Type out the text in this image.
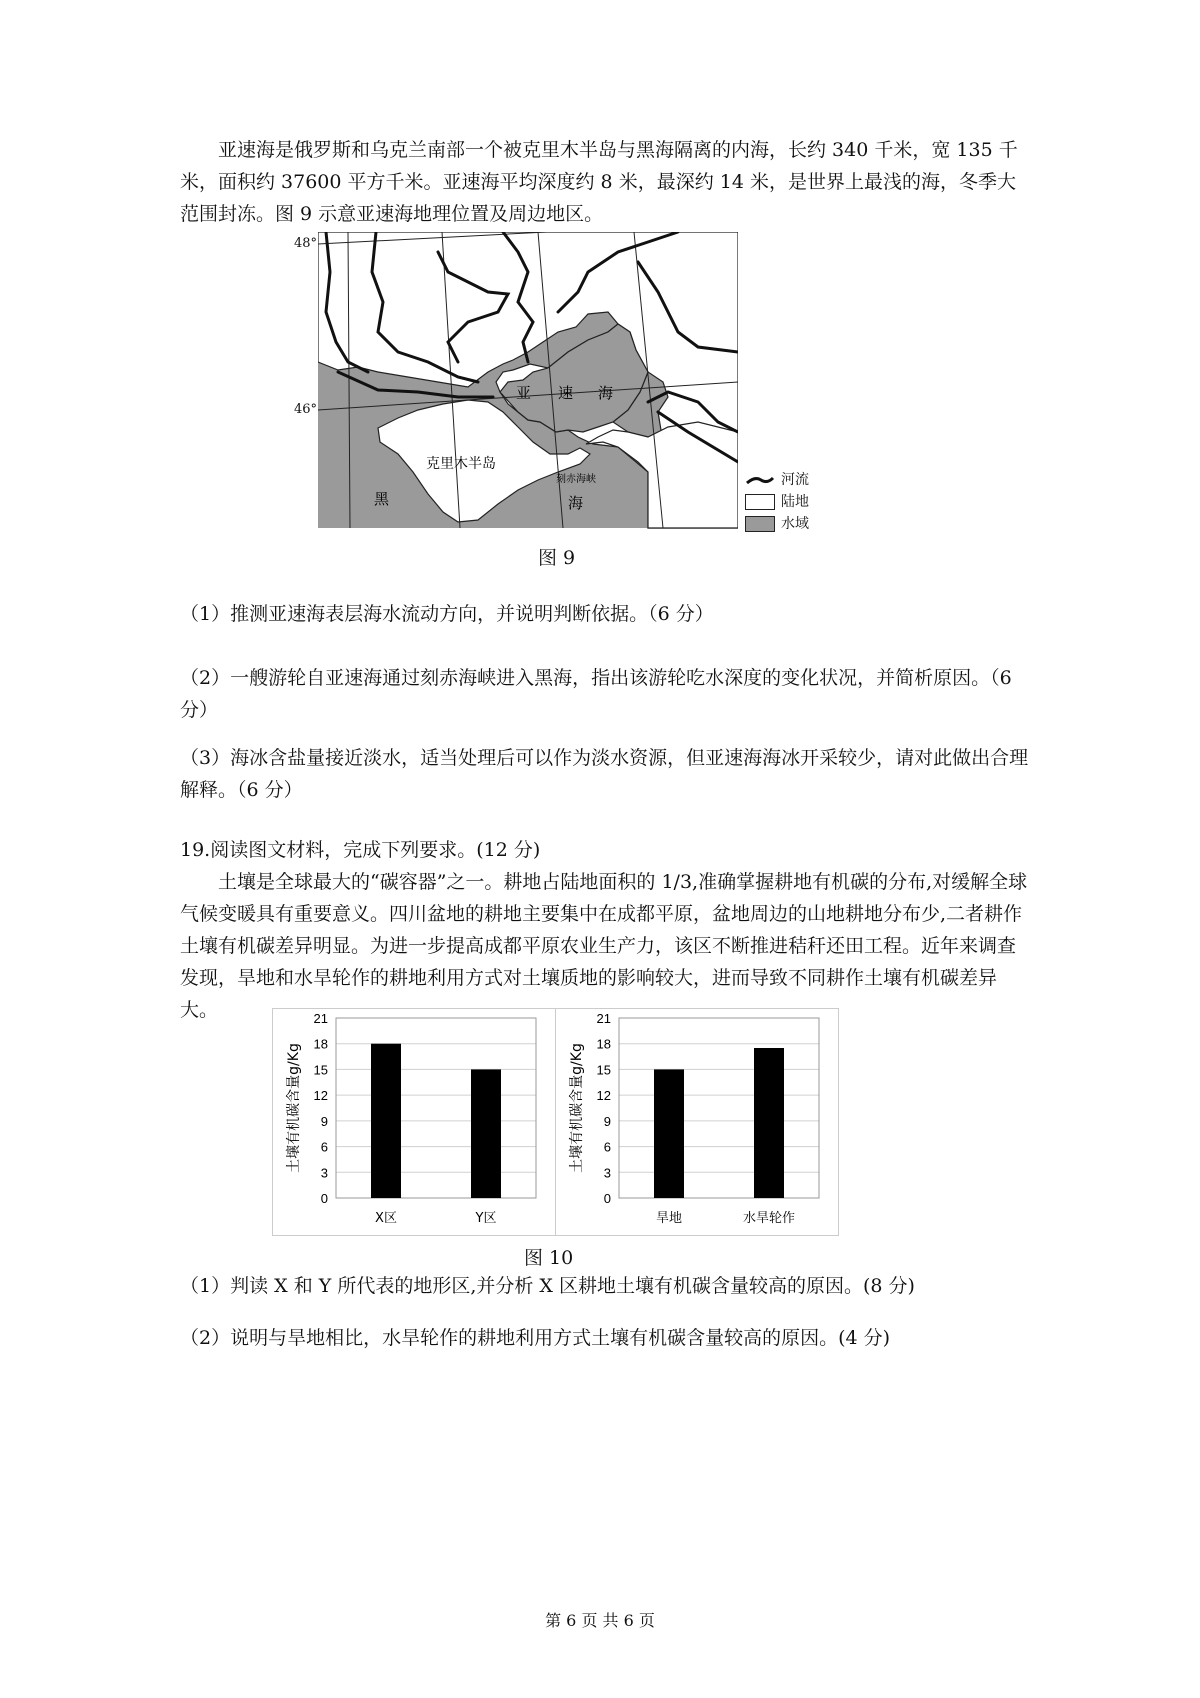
亚速海是俄罗斯和乌克兰南部一个被克里木半岛与黑海隔离的内海，长约 340 千米，宽 135 千米，面积约 37600 平方千米。亚速海平均深度约 8 米，最深约 14 米，是世界上最浅的海，冬季大范围封冻。图 9 示意亚速海地理位置及周边地区。

亚 速 海
克里木半岛
刻赤海峡
黑	海
48°
46°
河流
陆地
水域
图 9

（1）推测亚速海表层海水流动方向，并说明判断依据。（6 分）

（2）一艘游轮自亚速海通过刻赤海峡进入黑海，指出该游轮吃水深度的变化状况，并简析原因。（6 分）

（3）海冰含盐量接近淡水，适当处理后可以作为淡水资源，但亚速海海冰开采较少，请对此做出合理解释。（6 分）

19.阅读图文材料，完成下列要求。(12 分)

土壤是全球最大的“碳容器”之一。耕地占陆地面积的 1/3,准确掌握耕地有机碳的分布,对缓解全球气候变暖具有重要意义。四川盆地的耕地主要集中在成都平原，盆地周边的山地耕地分布少,二者耕作土壤有机碳差异明显。为进一步提高成都平原农业生产力，该区不断推进秸秆还田工程。近年来调查发现，旱地和水旱轮作的耕地利用方式对土壤质地的影响较大，进而导致不同耕作土壤有机碳差异大。

0
3
6
9
12
15
18
21
土壤有机碳含量g/Kg
X区	Y区
0
3
6
9
12
15
18
21
土壤有机碳含量g/Kg
旱地	水旱轮作
图 10

（1）判读 X 和 Y 所代表的地形区,并分析 X 区耕地土壤有机碳含量较高的原因。(8 分)

（2）说明与旱地相比，水旱轮作的耕地利用方式土壤有机碳含量较高的原因。(4 分)

第 6 页 共 6 页
